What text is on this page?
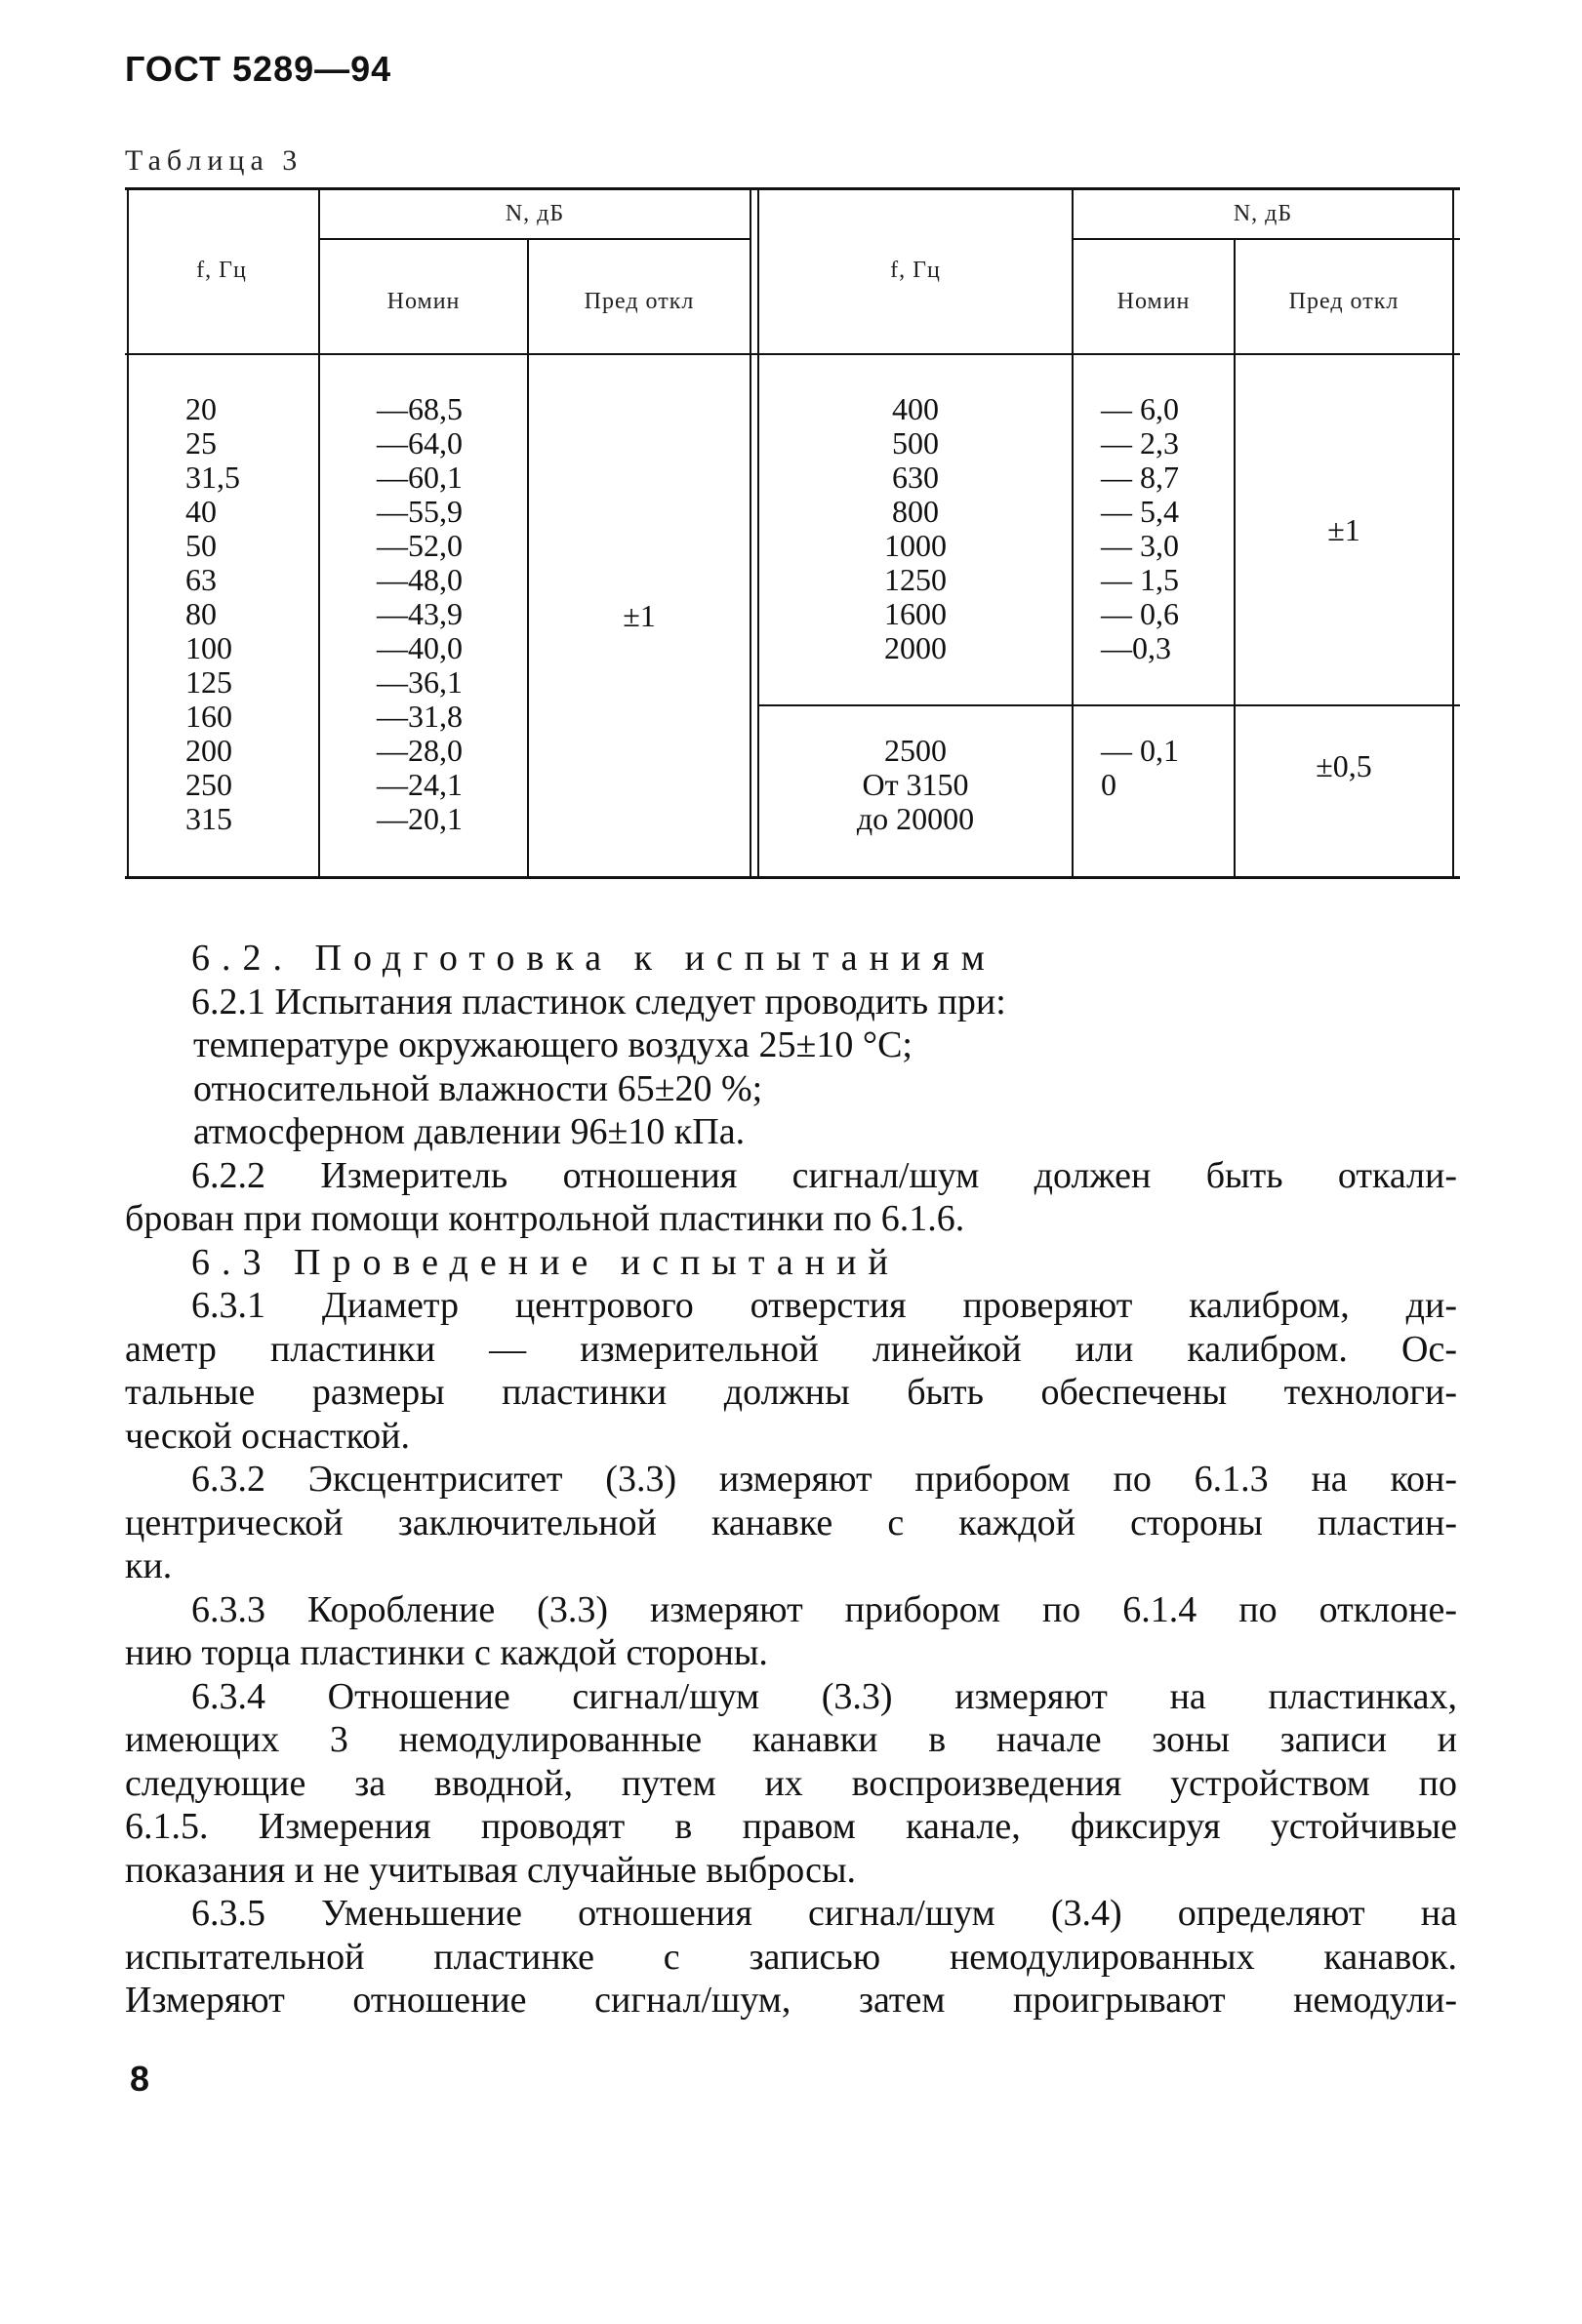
ГОСТ 5289—94
Таблица 3
f, Гц
N, дБ
Номин	Пред откл
f, Гц
N, дБ
Номин	Пред откл
20
25
31,5
40
50
63
80
100
125
160
200
250
315
—68,5
—64,0
—60,1
—55,9
—52,0
—48,0
—43,9
—40,0
—36,1
—31,8
—28,0
—24,1
—20,1
±1
400
500
630
800
1000
1250
1600
2000
— 6,0
— 2,3
— 8,7
— 5,4
— 3,0
— 1,5
— 0,6
—0,3
±1
2500
От 3150
до 20000
— 0,1
0
±0,5

6.2. Подготовка к испытаниям

6.2.1 Испытания пластинок следует проводить при:

температуре окружающего воздуха 25±10 °С;

относительной влажности 65±20 %;

атмосферном давлении 96±10 кПа.

6.2.2 Измеритель отношения сигнал/шум должен быть откали-

брован при помощи контрольной пластинки по 6.1.6.

6.3 Проведение испытаний

6.3.1 Диаметр центрового отверстия проверяют калибром, ди-

аметр пластинки — измерительной линейкой или калибром. Ос-

тальные размеры пластинки должны быть обеспечены технологи-

ческой оснасткой.

6.3.2 Эксцентриситет (3.3) измеряют прибором по 6.1.3 на кон-

центрической заключительной канавке с каждой стороны пластин-

ки.

6.3.3 Коробление (3.3) измеряют прибором по 6.1.4 по отклоне-

нию торца пластинки с каждой стороны.

6.3.4 Отношение сигнал/шум (3.3) измеряют на пластинках,

имеющих 3 немодулированные канавки в начале зоны записи и

следующие за вводной, путем их воспроизведения устройством по

6.1.5. Измерения проводят в правом канале, фиксируя устойчивые

показания и не учитывая случайные выбросы.

6.3.5 Уменьшение отношения сигнал/шум (3.4) определяют на

испытательной пластинке с записью немодулированных канавок.

Измеряют отношение сигнал/шум, затем проигрывают немодули-

8
